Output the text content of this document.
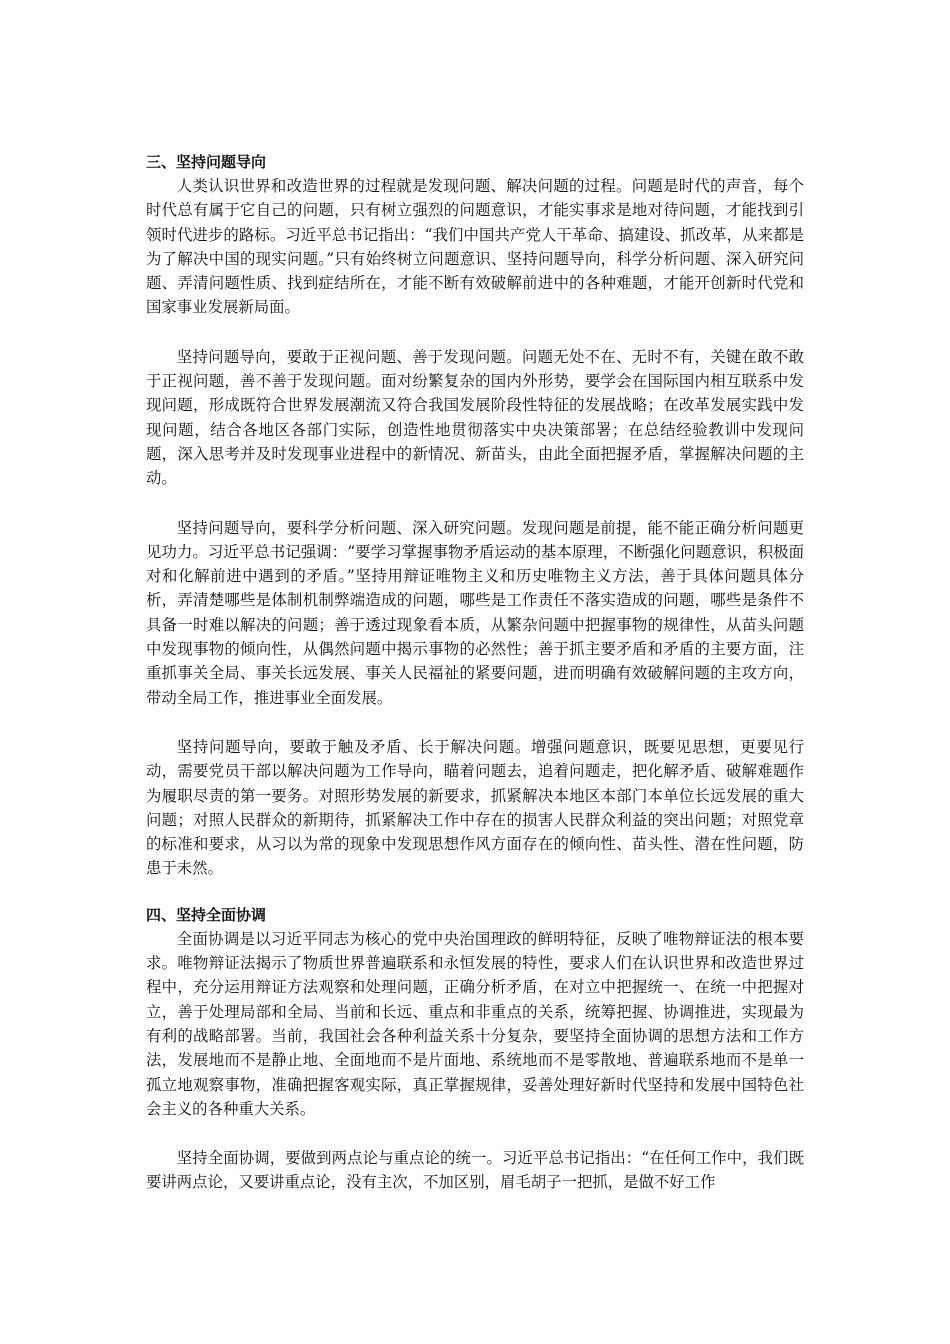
三、坚持问题导向

人类认识世界和改造世界的过程就是发现问题、解决问题的过程。问题是时代的声音，每个时代总有属于它自己的问题，只有树立强烈的问题意识，才能实事求是地对待问题，才能找到引领时代进步的路标。习近平总书记指出：“我们中国共产党人干革命、搞建设、抓改革，从来都是为了解决中国的现实问题。”只有始终树立问题意识、坚持问题导向，科学分析问题、深入研究问题、弄清问题性质、找到症结所在，才能不断有效破解前进中的各种难题，才能开创新时代党和国家事业发展新局面。

坚持问题导向，要敢于正视问题、善于发现问题。问题无处不在、无时不有，关键在敢不敢于正视问题，善不善于发现问题。面对纷繁复杂的国内外形势，要学会在国际国内相互联系中发现问题，形成既符合世界发展潮流又符合我国发展阶段性特征的发展战略；在改革发展实践中发现问题，结合各地区各部门实际，创造性地贯彻落实中央决策部署；在总结经验教训中发现问题，深入思考并及时发现事业进程中的新情况、新苗头，由此全面把握矛盾，掌握解决问题的主动。

坚持问题导向，要科学分析问题、深入研究问题。发现问题是前提，能不能正确分析问题更见功力。习近平总书记强调：“要学习掌握事物矛盾运动的基本原理，不断强化问题意识，积极面对和化解前进中遇到的矛盾。”坚持用辩证唯物主义和历史唯物主义方法，善于具体问题具体分析，弄清楚哪些是体制机制弊端造成的问题，哪些是工作责任不落实造成的问题，哪些是条件不具备一时难以解决的问题；善于透过现象看本质，从繁杂问题中把握事物的规律性，从苗头问题中发现事物的倾向性，从偶然问题中揭示事物的必然性；善于抓主要矛盾和矛盾的主要方面，注重抓事关全局、事关长远发展、事关人民福祉的紧要问题，进而明确有效破解问题的主攻方向，带动全局工作，推进事业全面发展。

坚持问题导向，要敢于触及矛盾、长于解决问题。增强问题意识，既要见思想，更要见行动，需要党员干部以解决问题为工作导向，瞄着问题去，追着问题走，把化解矛盾、破解难题作为履职尽责的第一要务。对照形势发展的新要求，抓紧解决本地区本部门本单位长远发展的重大问题；对照人民群众的新期待，抓紧解决工作中存在的损害人民群众利益的突出问题；对照党章的标准和要求，从习以为常的现象中发现思想作风方面存在的倾向性、苗头性、潜在性问题，防患于未然。

四、坚持全面协调

全面协调是以习近平同志为核心的党中央治国理政的鲜明特征，反映了唯物辩证法的根本要求。唯物辩证法揭示了物质世界普遍联系和永恒发展的特性，要求人们在认识世界和改造世界过程中，充分运用辩证方法观察和处理问题，正确分析矛盾，在对立中把握统一、在统一中把握对立，善于处理局部和全局、当前和长远、重点和非重点的关系，统筹把握、协调推进，实现最为有利的战略部署。当前，我国社会各种利益关系十分复杂，要坚持全面协调的思想方法和工作方法，发展地而不是静止地、全面地而不是片面地、系统地而不是零散地、普遍联系地而不是单一孤立地观察事物，准确把握客观实际，真正掌握规律，妥善处理好新时代坚持和发展中国特色社会主义的各种重大关系。

坚持全面协调，要做到两点论与重点论的统一。习近平总书记指出：“在任何工作中，我们既要讲两点论，又要讲重点论，没有主次，不加区别，眉毛胡子一把抓，是做不好工作
